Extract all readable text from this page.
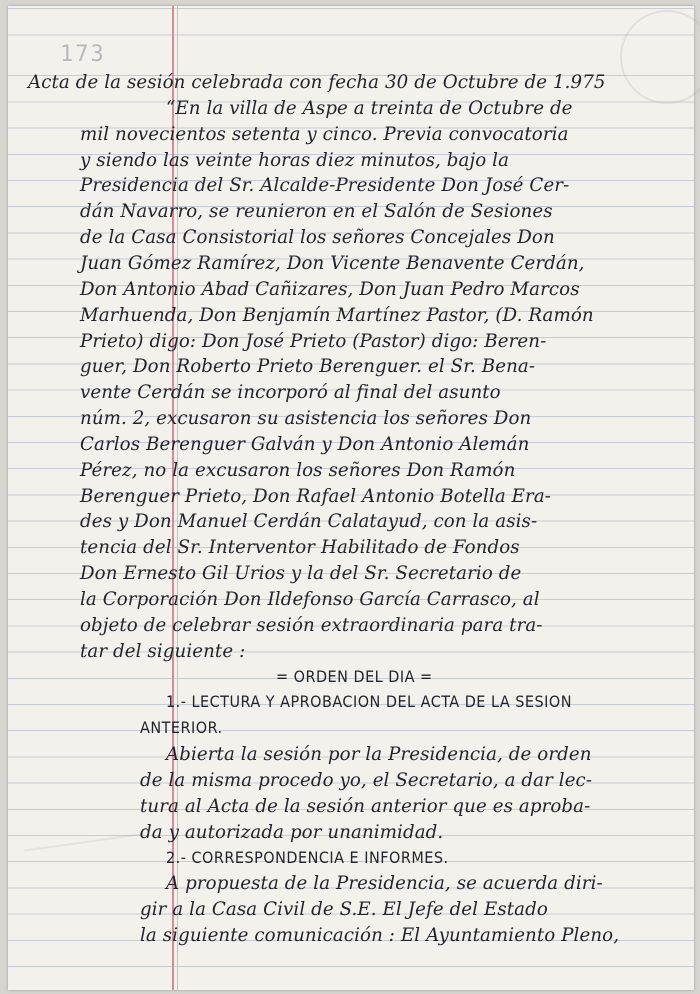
173
Acta de la sesión celebrada con fecha 30 de Octubre de 1.975
“En la villa de Aspe a treinta de Octubre de
mil novecientos setenta y cinco. Previa convocatoria
y siendo las veinte horas diez minutos, bajo la
Presidencia del Sr. Alcalde-Presidente Don José Cer-
dán Navarro, se reunieron en el Salón de Sesiones
de la Casa Consistorial los señores Concejales Don
Juan Gómez Ramírez, Don Vicente Benavente Cerdán,
Don Antonio Abad Cañizares, Don Juan Pedro Marcos
Marhuenda, Don Benjamín Martínez Pastor, (D. Ramón
Prieto) digo: Don José Prieto (Pastor) digo: Beren-
guer, Don Roberto Prieto Berenguer. el Sr. Bena-
vente Cerdán se incorporó al final del asunto
núm. 2, excusaron su asistencia los señores Don
Carlos Berenguer Galván y Don Antonio Alemán
Pérez, no la excusaron los señores Don Ramón
Berenguer Prieto, Don Rafael Antonio Botella Era-
des y Don Manuel Cerdán Calatayud, con la asis-
tencia del Sr. Interventor Habilitado de Fondos
Don Ernesto Gil Urios y la del Sr. Secretario de
la Corporación Don Ildefonso García Carrasco, al
objeto de celebrar sesión extraordinaria para tra-
tar del siguiente :
= ORDEN DEL DIA =
1.- LECTURA Y APROBACION DEL ACTA DE LA SESION
ANTERIOR.
Abierta la sesión por la Presidencia, de orden
de la misma procedo yo, el Secretario, a dar lec-
tura al Acta de la sesión anterior que es aproba-
da y autorizada por unanimidad.
2.- CORRESPONDENCIA E INFORMES.
A propuesta de la Presidencia, se acuerda diri-
gir a la Casa Civil de S.E. El Jefe del Estado
la siguiente comunicación : El Ayuntamiento Pleno,
